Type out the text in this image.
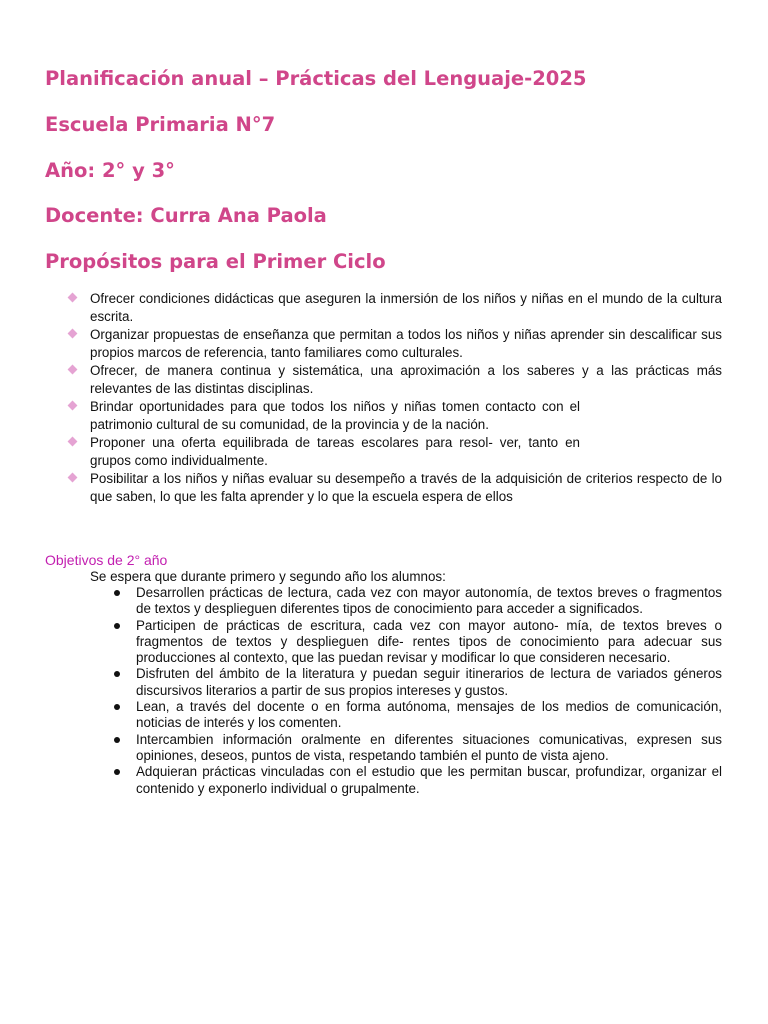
Planificación anual – Prácticas del Lenguaje-2025
Escuela Primaria N°7
Año: 2° y 3°
Docente: Curra Ana Paola
Propósitos para el Primer Ciclo
Ofrecer condiciones didácticas que aseguren la inmersión de los niños y niñas en el mundo de la cultura escrita.
Organizar propuestas de enseñanza que permitan a todos los niños y niñas aprender sin descalificar sus propios marcos de referencia, tanto familiares como culturales.
Ofrecer, de manera continua y sistemática, una aproximación a los saberes y a las prácticas más relevantes de las distintas disciplinas.
Brindar oportunidades para que todos los niños y niñas tomen contacto con el patrimonio cultural de su comunidad, de la provincia y de la nación.
Proponer una oferta equilibrada de tareas escolares para resol- ver, tanto en grupos como individualmente.
Posibilitar a los niños y niñas evaluar su desempeño a través de la adquisición de criterios respecto de lo que saben, lo que les falta aprender y lo que la escuela espera de ellos
Objetivos de 2° año

Se espera que durante primero y segundo año los alumnos:

Desarrollen prácticas de lectura, cada vez con mayor autonomía, de textos breves o fragmentos de textos y desplieguen diferentes tipos de conocimiento para acceder a significados.
Participen de prácticas de escritura, cada vez con mayor autono- mía, de textos breves o fragmentos de textos y desplieguen dife- rentes tipos de conocimiento para adecuar sus producciones al contexto, que las puedan revisar y modificar lo que consideren necesario.
Disfruten del ámbito de la literatura y puedan seguir itinerarios de lectura de variados géneros discursivos literarios a partir de sus propios intereses y gustos.
Lean, a través del docente o en forma autónoma, mensajes de los medios de comunicación, noticias de interés y los comenten.
Intercambien información oralmente en diferentes situaciones comunicativas, expresen sus opiniones, deseos, puntos de vista, respetando también el punto de vista ajeno.
Adquieran prácticas vinculadas con el estudio que les permitan buscar, profundizar, organizar el contenido y exponerlo individual o grupalmente.
